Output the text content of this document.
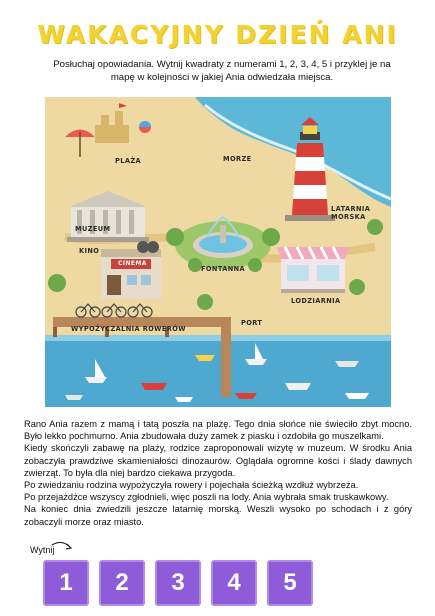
WAKACYJNY DZIEŃ ANI
Posłuchaj opowiadania. Wytnij kwadraty z numerami 1, 2, 3, 4, 5 i przyklej je na mapę w kolejności w jakiej Ania odwiedzała miejsca.
PLAŻA	MORZE
LATARNIA MORSKA
MUZEUM
CINEMA
KINO
FONTANNA
LODZIARNIA
WYPOŻYCZALNIA ROWERÓW
PORT

Rano Ania razem z mamą i tatą poszła na plażę. Tego dnia słońce nie świeciło zbyt mocno. Było lekko pochmurno. Ania zbudowała duży zamek z piasku i ozdobiła go muszelkami.

Kiedy skończyli zabawę na plaży, rodzice zaproponowali wizytę w muzeum. W środku Ania zobaczyła prawdziwe skamieniałości dinozaurów. Oglądała ogromne kości i ślady dawnych zwierząt. To była dla niej bardzo ciekawa przygoda.

Po zwiedzaniu rodzina wypożyczyła rowery i pojechała ścieżką wzdłuż wybrzeża.

Po przejażdżce wszyscy zgłodnieli, więc poszli na lody. Ania wybrała smak truskawkowy.

Na koniec dnia zwiedzili jeszcze latarnię morską. Weszli wysoko po schodach i z góry zobaczyli morze oraz miasto.

Wytnij
1	2	3	4	5
